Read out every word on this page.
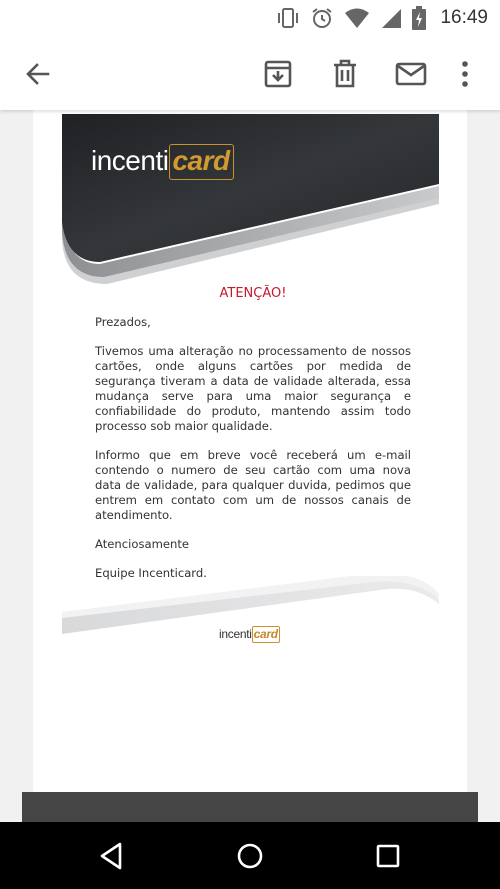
16:49
incenti card
ATENÇÃO!
Prezados,
Tivemos uma alteração no processamento de nossos cartões, onde alguns cartões por medida de segurança tiveram a data de validade alterada, essa mudança serve para uma maior segurança e confiabilidade do produto, mantendo assim todo processo sob maior qualidade.
Informo que em breve você receberá um e-mail contendo o numero de seu cartão com uma nova data de validade, para qualquer duvida, pedimos que entrem em contato com um de nossos canais de atendimento.
Atenciosamente
Equipe Incenticard.
incenti card
